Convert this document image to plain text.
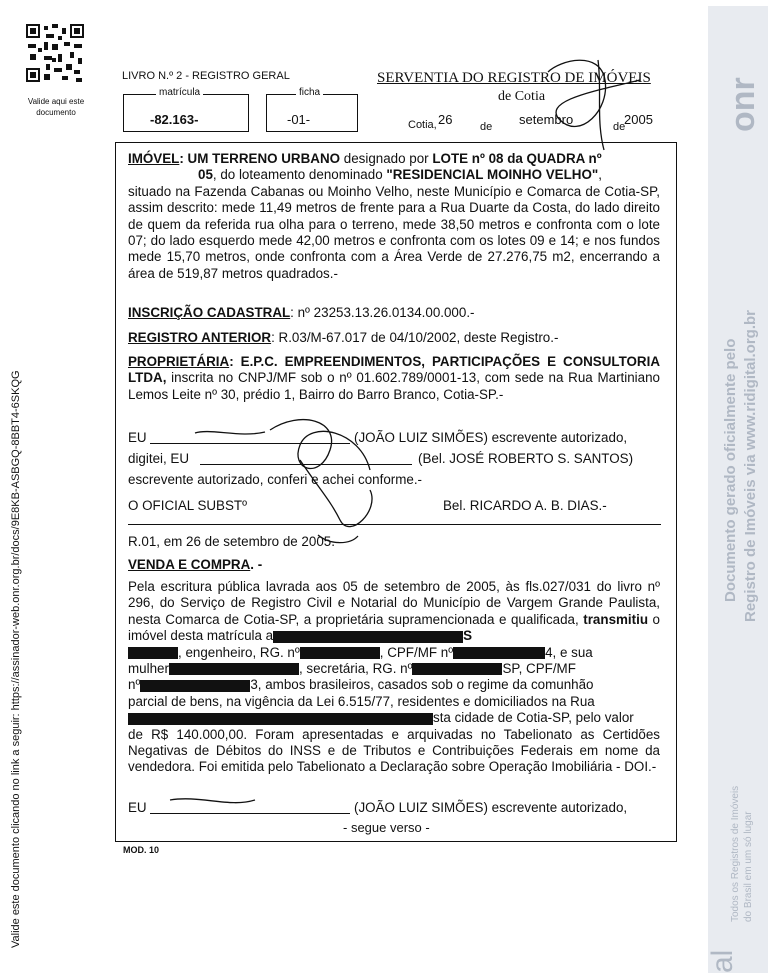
Valide aqui este documento
Valide este documento clicando no link a seguir: https://assinador-web.onr.org.br/docs/9E8KB-ASBGQ-8BBT4-6SKQG
onr
Documento gerado oficialmente pelo Registro de Imóveis via www.ridigital.org.br
Todos os Registros de Imóveis do Brasil em um só lugar
al
LIVRO N.º 2 - REGISTRO GERAL	SERVENTIA DO REGISTRO DE IMÓVEIS
de Cotia
matrícula
-82.163-
ficha
-01-	Cotia, 26	de setembro	de
2005
IMÓVEL: UM TERRENO URBANO designado por LOTE nº 08 da QUADRA nº
05, do loteamento denominado "RESIDENCIAL MOINHO VELHO",
situado na Fazenda Cabanas ou Moinho Velho, neste Município e Comarca de Cotia-SP, assim descrito: mede 11,49 metros de frente para a Rua Duarte da Costa, do lado direito de quem da referida rua olha para o terreno, mede 38,50 metros e confronta com o lote 07; do lado esquerdo mede 42,00 metros e confronta com os lotes 09 e 14; e nos fundos mede 15,70 metros, onde confronta com a Área Verde de 27.276,75 m2, encerrando a área de 519,87 metros quadrados.-
INSCRIÇÃO CADASTRAL: nº 23253.13.26.0134.00.000.-
REGISTRO ANTERIOR: R.03/M-67.017 de 04/10/2002, deste Registro.-
PROPRIETÁRIA: E.P.C. EMPREENDIMENTOS, PARTICIPAÇÕES E CONSULTORIA LTDA, inscrita no CNPJ/MF sob o nº 01.602.789/0001-13, com sede na Rua Martiniano Lemos Leite nº 30, prédio 1, Bairro do Barro Branco, Cotia-SP.-
EU	(JOÃO LUIZ SIMÕES) escrevente autorizado,
digitei, EU	(Bel. JOSÉ ROBERTO S. SANTOS)
escrevente autorizado, conferi e achei conforme.-
O OFICIAL SUBSTº	Bel. RICARDO A. B. DIAS.-
R.01, em 26 de setembro de 2005.-
VENDA E COMPRA. -
Pela escritura pública lavrada aos 05 de setembro de 2005, às fls.027/031 do livro nº 296, do Serviço de Registro Civil e Notarial do Município de Vargem Grande Paulista, nesta Comarca de Cotia-SP, a proprietária supramencionada e qualificada, transmitiu o imóvel desta matrícula a	S
, engenheiro, RG. nº	, CPF/MF nº	4, e sua
mulher	, secretária, RG. nº	SP, CPF/MF
nº	3, ambos brasileiros, casados sob o regime da comunhão
parcial de bens, na vigência da Lei 6.515/77, residentes e domiciliados na Rua
sta cidade de Cotia-SP, pelo valor
de R$ 140.000,00. Foram apresentadas e arquivadas no Tabelionato as Certidões Negativas de Débitos do INSS e de Tributos e Contribuições Federais em nome da vendedora. Foi emitida pelo Tabelionato a Declaração sobre Operação Imobiliária - DOI.-
EU	(JOÃO LUIZ SIMÕES) escrevente autorizado,
- segue verso -
MOD. 10
